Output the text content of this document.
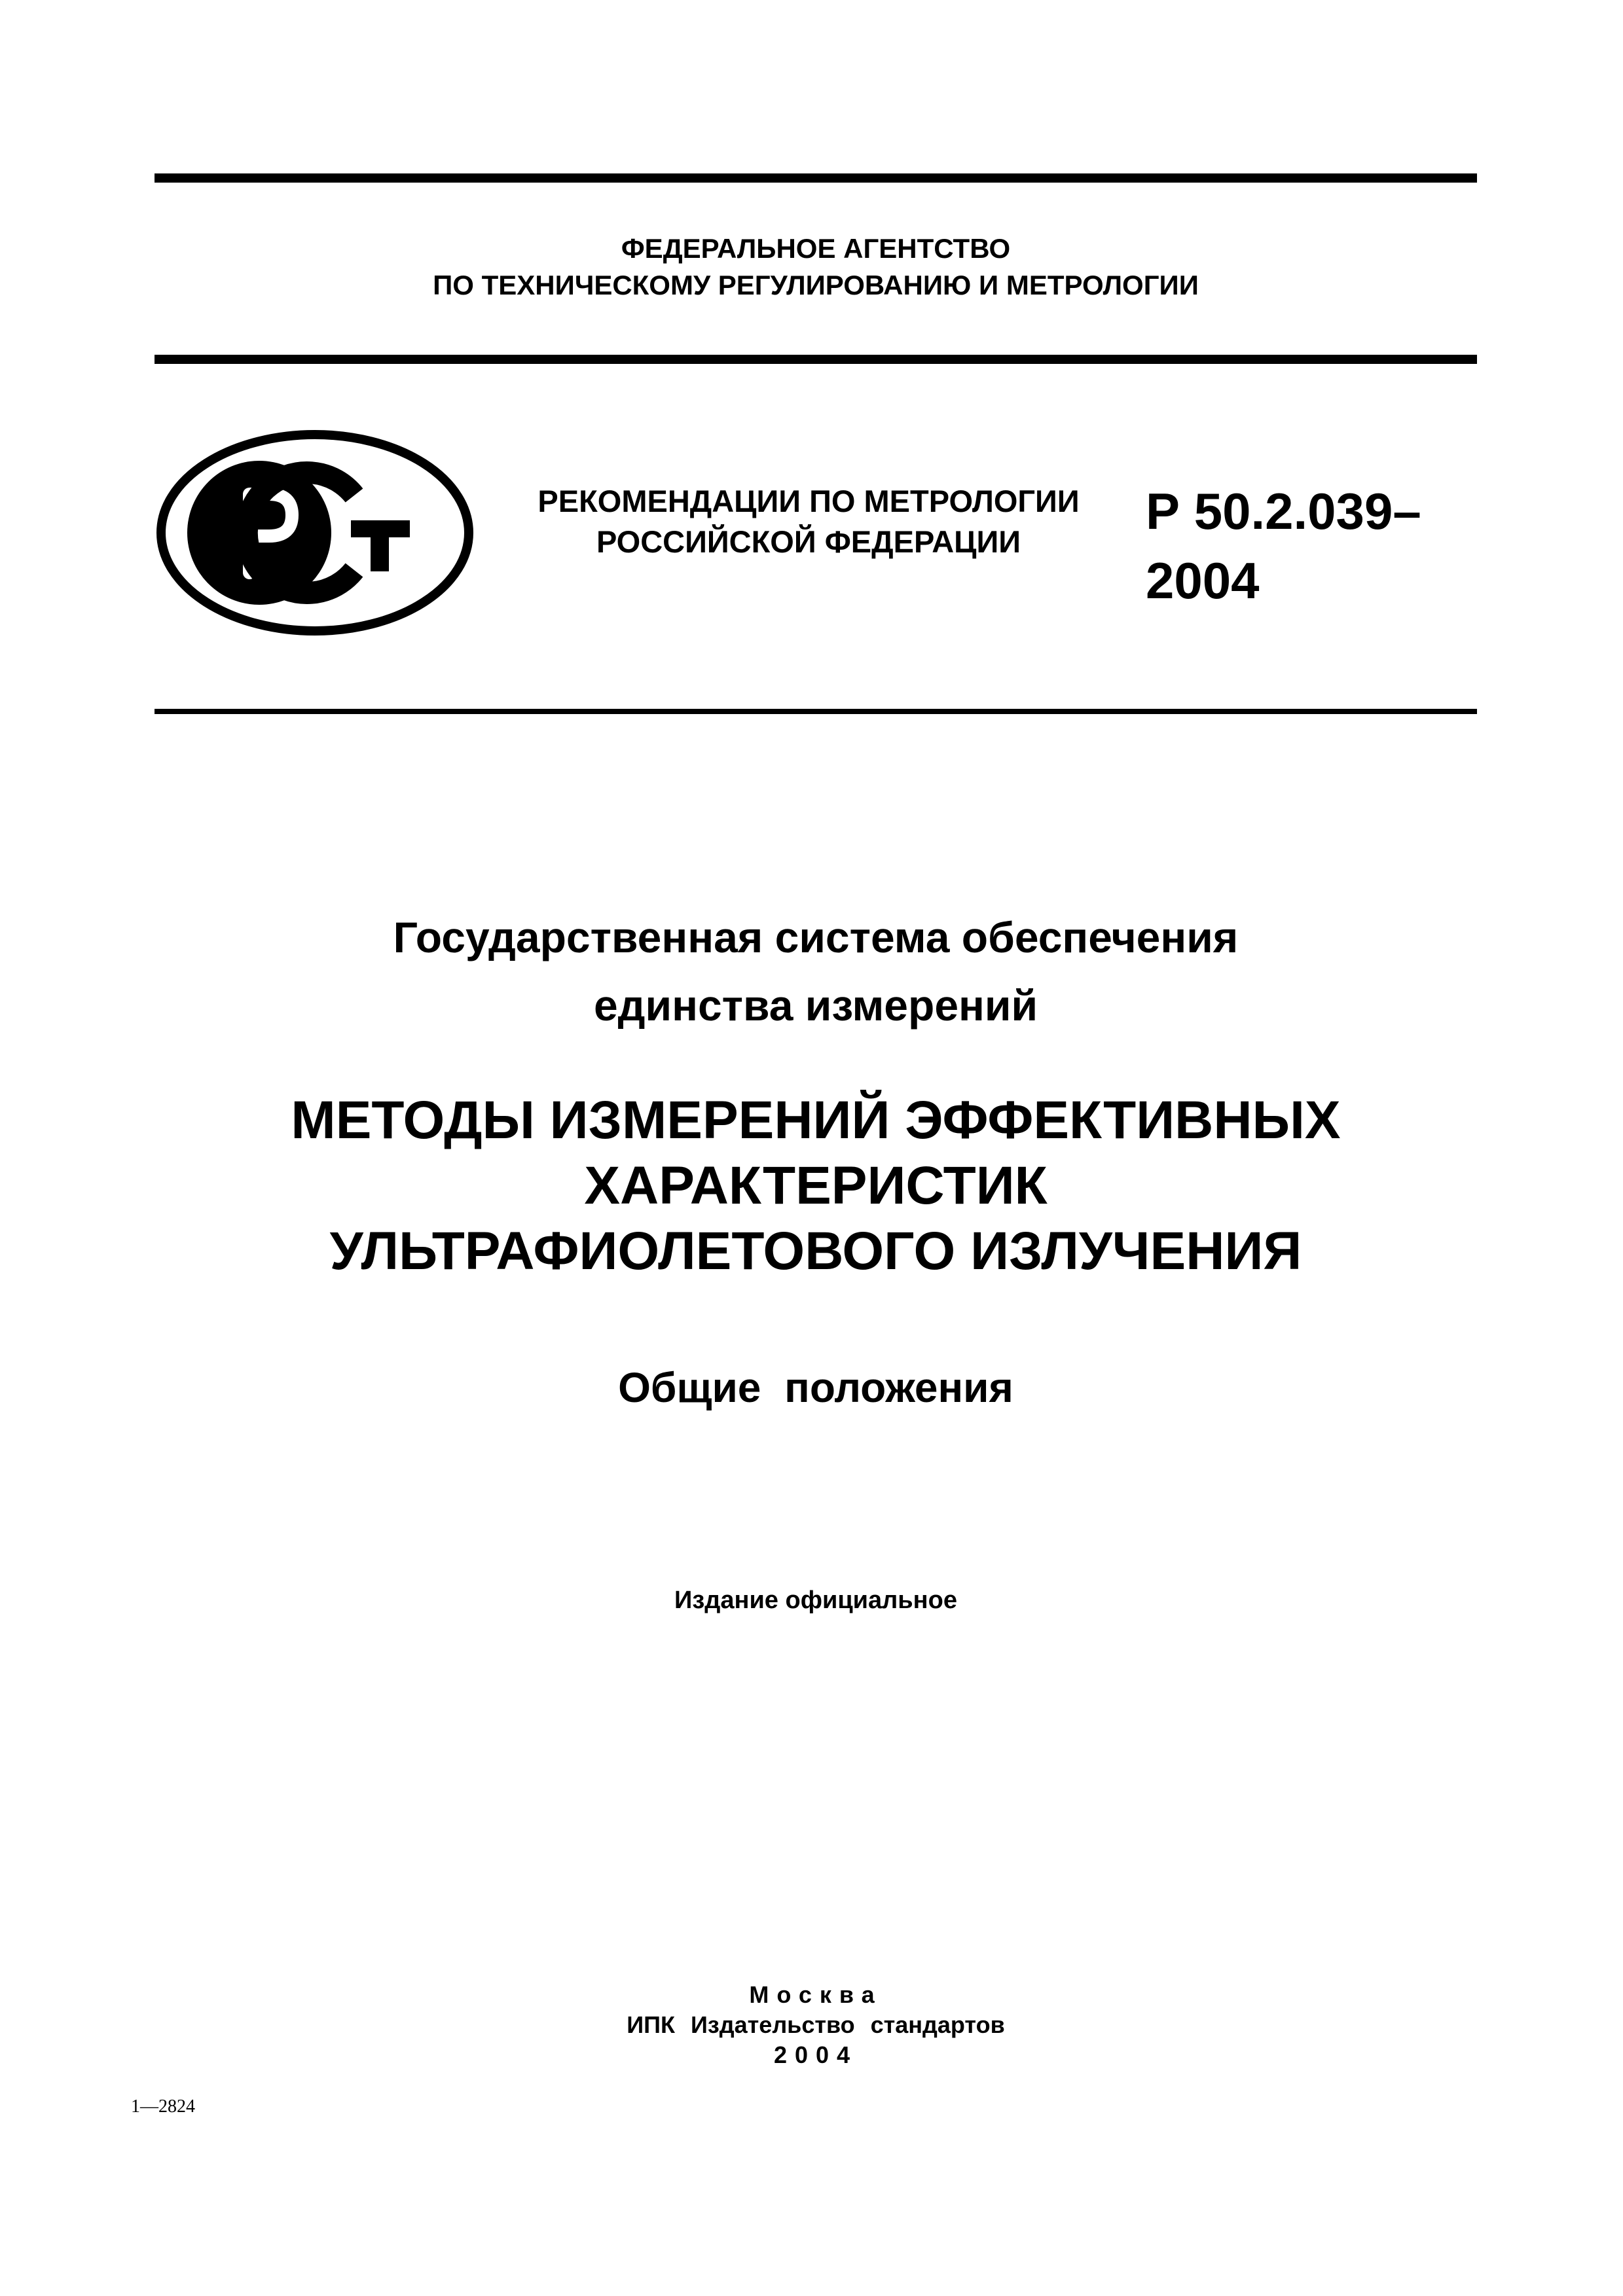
ФЕДЕРАЛЬНОЕ АГЕНТСТВО
ПО ТЕХНИЧЕСКОМУ РЕГУЛИРОВАНИЮ И МЕТРОЛОГИИ
РЕКОМЕНДАЦИИ ПО МЕТРОЛОГИИ
РОССИЙСКОЙ ФЕДЕРАЦИИ
Р 50.2.039–
2004
Государственная система обеспечения
единства измерений
МЕТОДЫ ИЗМЕРЕНИЙ ЭФФЕКТИВНЫХ
ХАРАКТЕРИСТИК
УЛЬТРАФИОЛЕТОВОГО ИЗЛУЧЕНИЯ
Общие положения
Издание официальное
Москва
ИПК Издательство стандартов
2004
1—2824
